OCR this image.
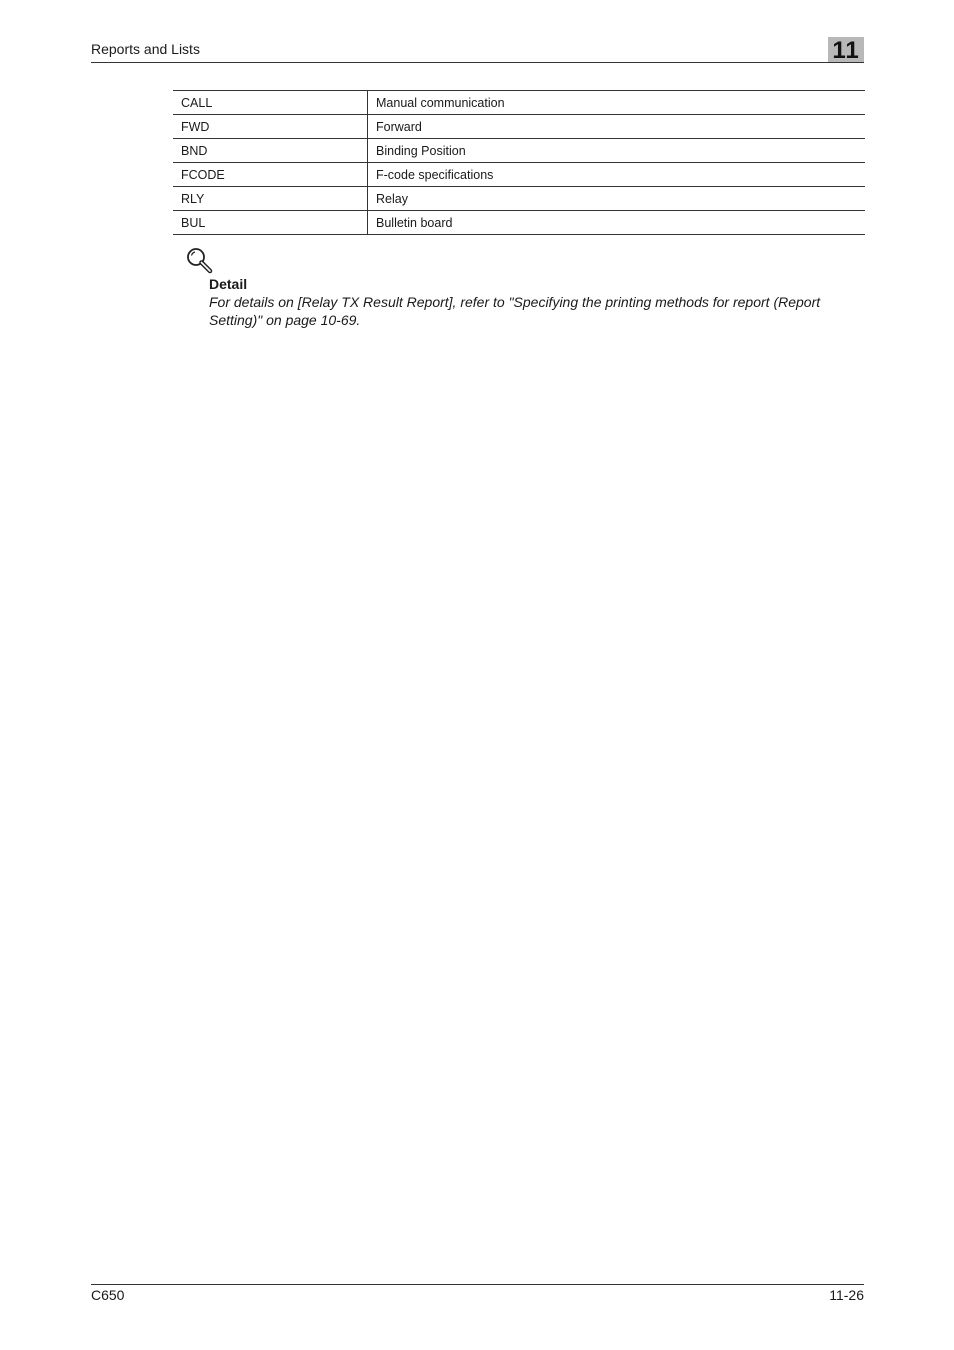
Reports and Lists	11
CALL	Manual communication
FWD	Forward
BND	Binding Position
FCODE	F-code specifications
RLY	Relay
BUL	Bulletin board
Detail
For details on [Relay TX Result Report], refer to "Specifying the printing methods for report (Report Setting)" on page 10-69.
C650	11-26
